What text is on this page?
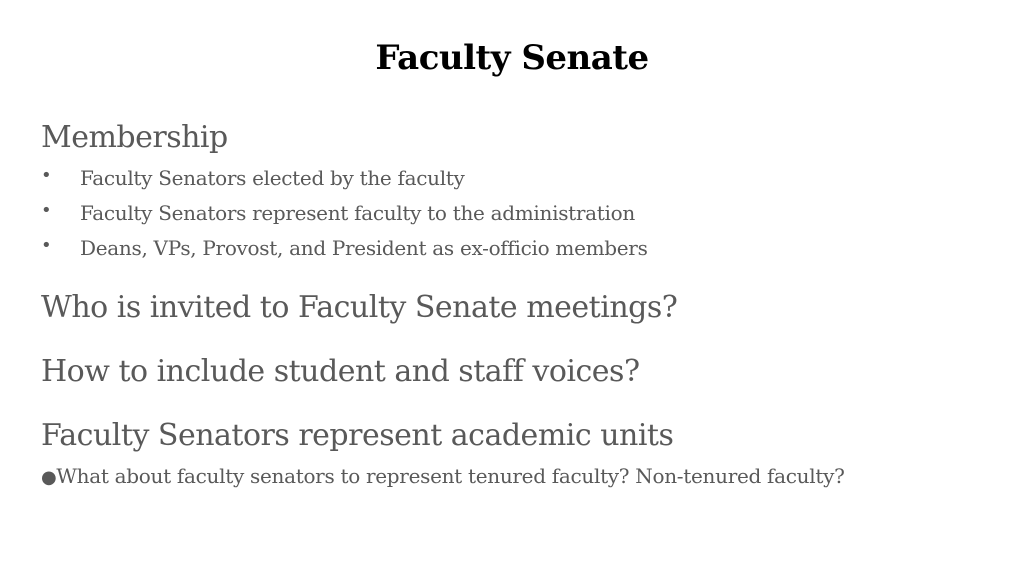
Faculty Senate
Membership
• Faculty Senators elected by the faculty
• Faculty Senators represent faculty to the administration
• Deans, VPs, Provost, and President as ex-officio members
Who is invited to Faculty Senate meetings?
How to include student and staff voices?
Faculty Senators represent academic units
●What about faculty senators to represent tenured faculty? Non-tenured faculty?
